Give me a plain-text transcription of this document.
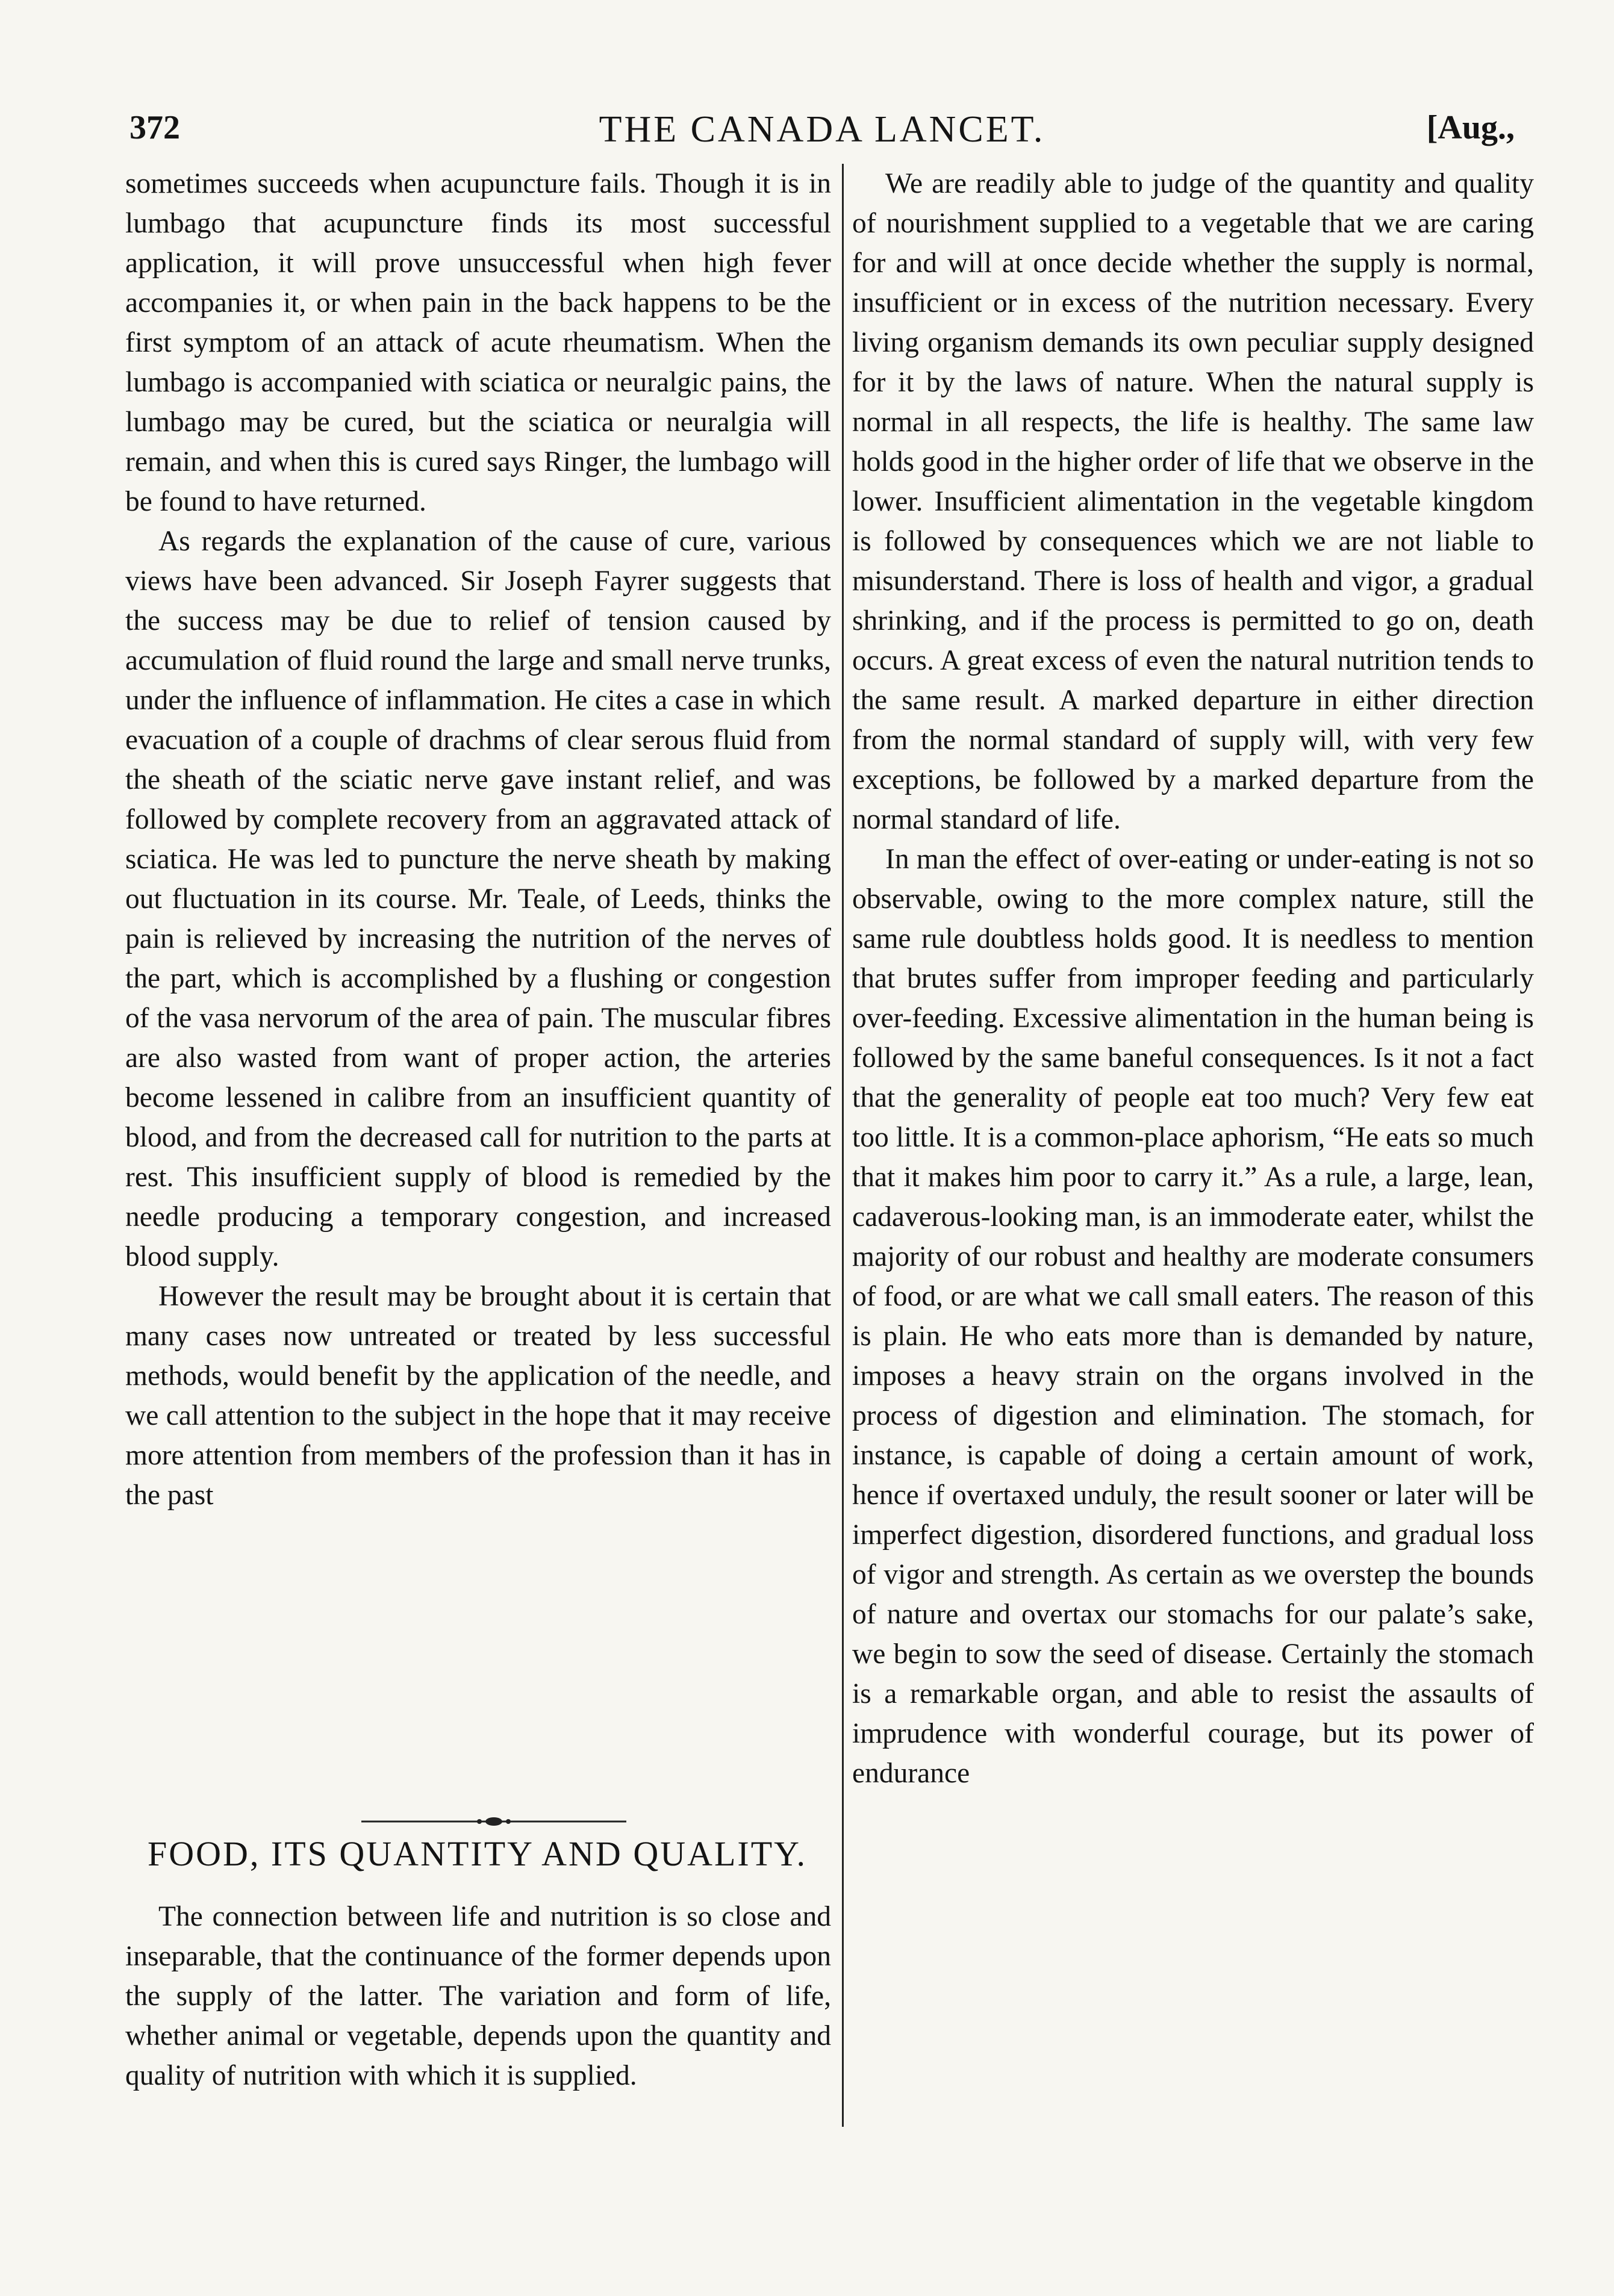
372	THE CANADA LANCET.	[Aug.,

sometimes succeeds when acupuncture fails. Though it is in lumbago that acupuncture finds its most successful application, it will prove unsuccessful when high fever accompanies it, or when pain in the back happens to be the first symptom of an attack of acute rheumatism. When the lumbago is accompanied with sciatica or neuralgic pains, the lumbago may be cured, but the sciatica or neuralgia will remain, and when this is cured says Ringer, the lumbago will be found to have returned.

As regards the explanation of the cause of cure, various views have been advanced. Sir Joseph Fayrer suggests that the success may be due to relief of tension caused by accumulation of fluid round the large and small nerve trunks, under the influence of inflammation. He cites a case in which evacuation of a couple of drachms of clear serous fluid from the sheath of the sciatic nerve gave instant relief, and was followed by complete recovery from an aggravated attack of sciatica. He was led to puncture the nerve sheath by making out fluctuation in its course. Mr. Teale, of Leeds, thinks the pain is relieved by increasing the nutrition of the nerves of the part, which is accomplished by a flushing or congestion of the vasa nervorum of the area of pain. The muscular fibres are also wasted from want of proper action, the arteries become lessened in calibre from an insufficient quantity of blood, and from the decreased call for nutrition to the parts at rest. This insufficient supply of blood is remedied by the needle producing a temporary congestion, and increased blood supply.

However the result may be brought about it is certain that many cases now untreated or treated by less successful methods, would benefit by the application of the needle, and we call attention to the subject in the hope that it may receive more attention from members of the profession than it has in the past

FOOD, ITS QUANTITY AND QUALITY.

The connection between life and nutrition is so close and inseparable, that the continuance of the former depends upon the supply of the latter. The variation and form of life, whether animal or vegetable, depends upon the quantity and quality of nutrition with which it is supplied.

We are readily able to judge of the quantity and quality of nourishment supplied to a vegetable that we are caring for and will at once decide whether the supply is normal, insufficient or in excess of the nutrition necessary. Every living organism demands its own peculiar supply designed for it by the laws of nature. When the natural supply is normal in all respects, the life is healthy. The same law holds good in the higher order of life that we observe in the lower. Insufficient alimentation in the vegetable kingdom is followed by consequences which we are not liable to misunderstand. There is loss of health and vigor, a gradual shrinking, and if the process is permitted to go on, death occurs. A great excess of even the natural nutrition tends to the same result. A marked departure in either direction from the normal standard of supply will, with very few exceptions, be followed by a marked departure from the normal standard of life.

In man the effect of over-eating or under-eating is not so observable, owing to the more complex nature, still the same rule doubtless holds good. It is needless to mention that brutes suffer from improper feeding and particularly over-feeding. Excessive alimentation in the human being is followed by the same baneful consequences. Is it not a fact that the generality of people eat too much? Very few eat too little. It is a common-place aphorism, “He eats so much that it makes him poor to carry it.” As a rule, a large, lean, cadaverous-looking man, is an immoderate eater, whilst the majority of our robust and healthy are moderate consumers of food, or are what we call small eaters. The reason of this is plain. He who eats more than is demanded by nature, imposes a heavy strain on the organs involved in the process of digestion and elimination. The stomach, for instance, is capable of doing a certain amount of work, hence if overtaxed unduly, the result sooner or later will be imperfect digestion, disordered functions, and gradual loss of vigor and strength. As certain as we overstep the bounds of nature and overtax our stomachs for our palate’s sake, we begin to sow the seed of disease. Certainly the stomach is a remarkable organ, and able to resist the assaults of imprudence with wonderful courage, but its power of endurance
